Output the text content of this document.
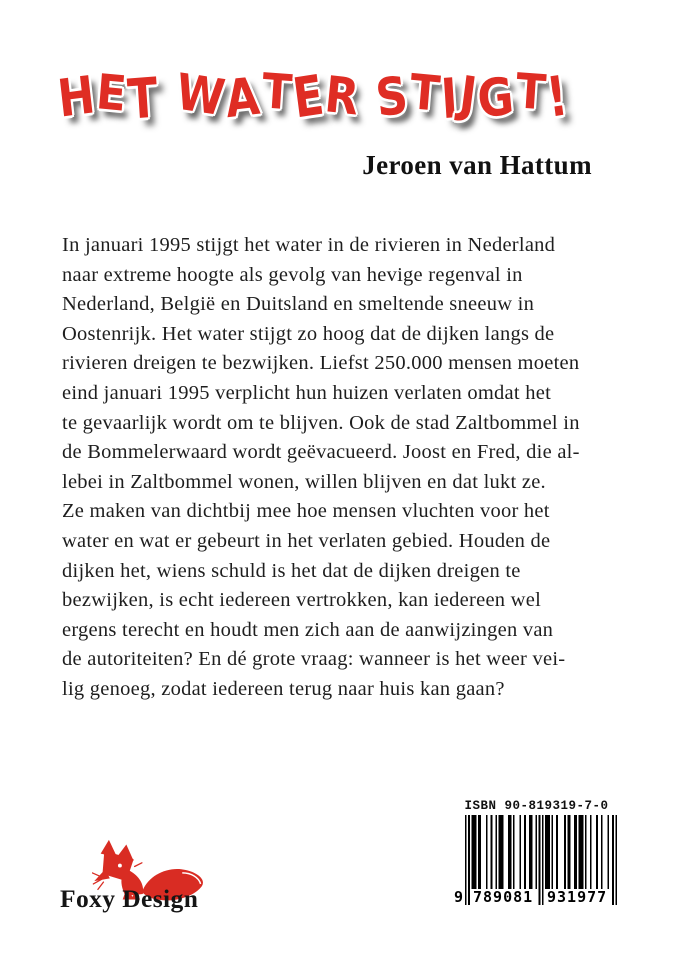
HET WATER STIJGT!
Jeroen van Hattum
In januari 1995 stijgt het water in de rivieren in Nederland
naar extreme hoogte als gevolg van hevige regenval in
Nederland, België en Duitsland en smeltende sneeuw in
Oostenrijk. Het water stijgt zo hoog dat de dijken langs de
rivieren dreigen te bezwijken. Liefst 250.000 mensen moeten
eind januari 1995 verplicht hun huizen verlaten omdat het
te gevaarlijk wordt om te blijven. Ook de stad Zaltbommel in
de Bommelerwaard wordt geëvacueerd. Joost en Fred, die al-
lebei in Zaltbommel wonen, willen blijven en dat lukt ze.
Ze maken van dichtbij mee hoe mensen vluchten voor het
water en wat er gebeurt in het verlaten gebied. Houden de
dijken het, wiens schuld is het dat de dijken dreigen te
bezwijken, is echt iedereen vertrokken, kan iedereen wel
ergens terecht en houdt men zich aan de aanwijzingen van
de autoriteiten? En dé grote vraag: wanneer is het weer vei-
lig genoeg, zodat iedereen terug naar huis kan gaan?
ISBN 90-819319-7-0
9 789081 931977
Foxy Design
